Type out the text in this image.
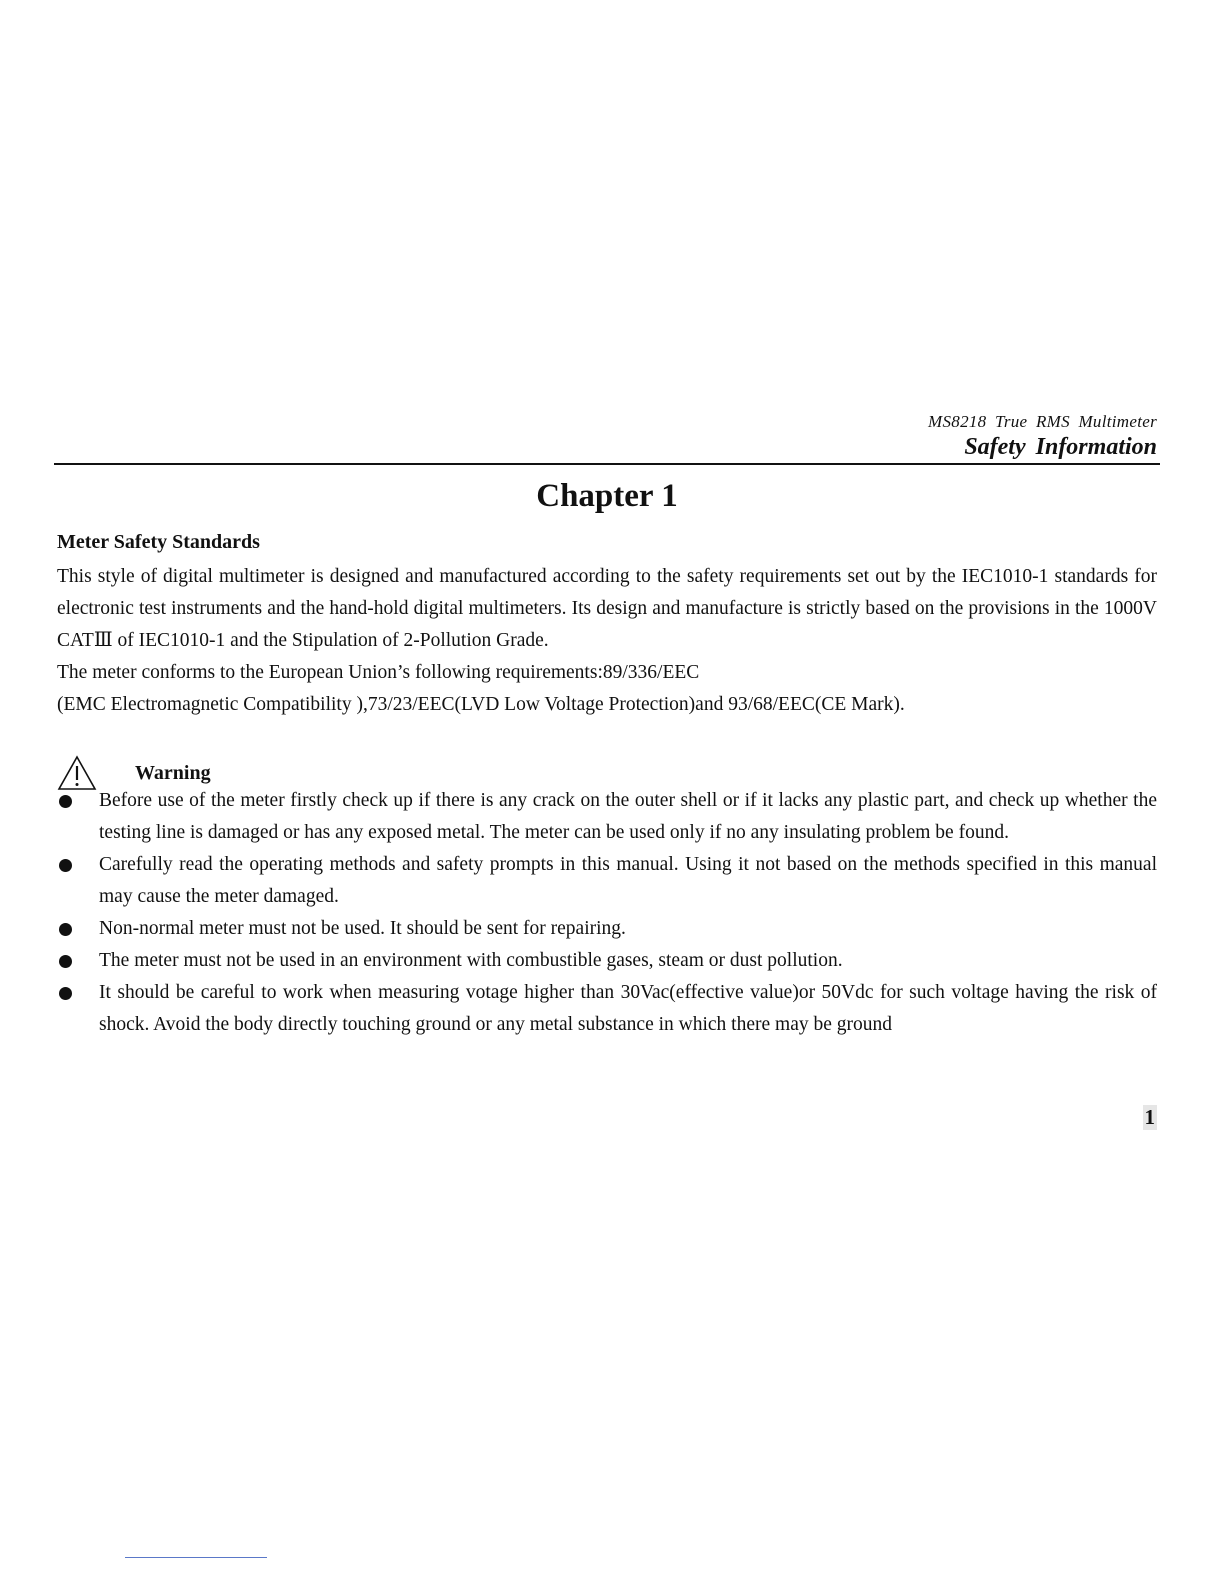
MS8218 True RMS Multimeter
Safety Information
Chapter 1
Meter Safety Standards
This style of digital multimeter is designed and manufactured according to the safety requirements set out by the IEC1010-1 standards for electronic test instruments and the hand-hold digital multimeters. Its design and manufacture is strictly based on the provisions in the 1000V CATⅢ of IEC1010-1 and the Stipulation of 2-Pollution Grade.
The meter conforms to the European Union’s following requirements:89/336/EEC
(EMC Electromagnetic Compatibility ),73/23/EEC(LVD Low Voltage Protection)and 93/68/EEC(CE Mark).
Warning
Before use of the meter firstly check up if there is any crack on the outer shell or if it lacks any plastic part, and check up whether the testing line is damaged or has any exposed metal. The meter can be used only if no any insulating problem be found.
Carefully read the operating methods and safety prompts in this manual. Using it not based on the methods specified in this manual may cause the meter damaged.
Non-normal meter must not be used. It should be sent for repairing.
The meter must not be used in an environment with combustible gases, steam or dust pollution.
It should be careful to work when measuring votage higher than 30Vac(effective value)or 50Vdc for such voltage having the risk of shock. Avoid the body directly touching ground or any metal substance in which there may be ground
1
